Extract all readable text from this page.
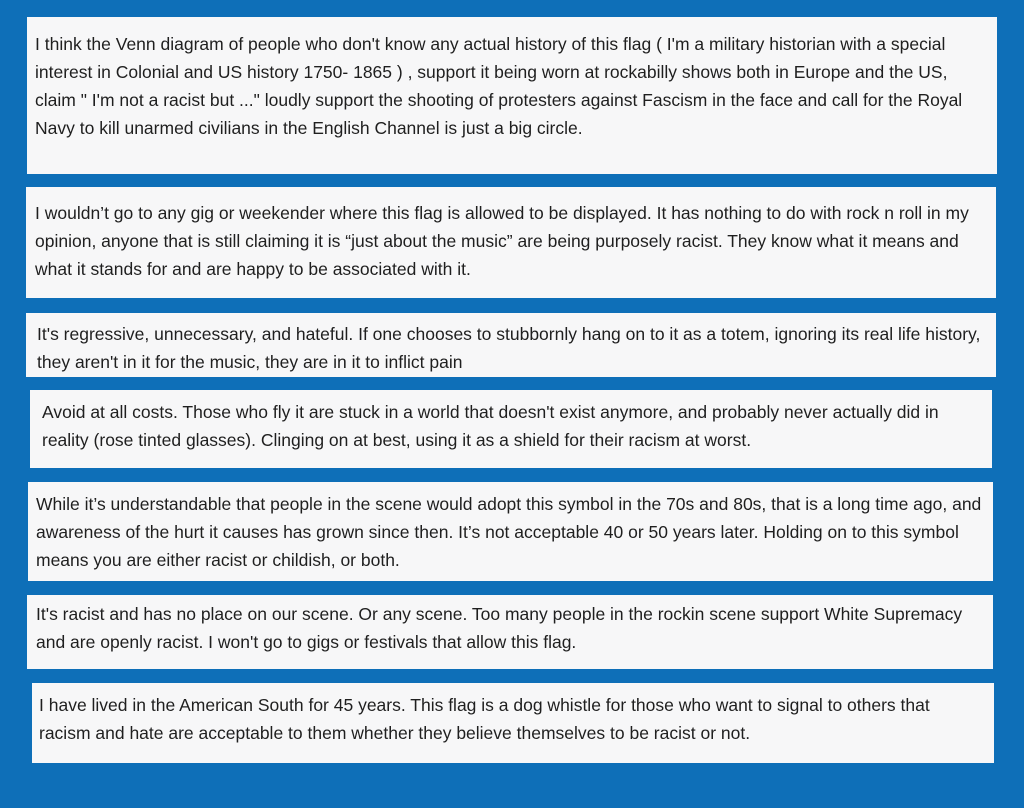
I think the Venn diagram of people who don't know any actual history of this flag ( I'm a military historian with a special interest in Colonial and US history 1750- 1865 ) , support it being worn at rockabilly shows both in Europe and the US, claim " I'm not a racist but ..." loudly support the shooting of protesters against Fascism in the face and call for the Royal Navy to kill unarmed civilians in the English Channel is just a big circle.

I wouldn’t go to any gig or weekender where this flag is allowed to be displayed. It has nothing to do with rock n roll in my opinion, anyone that is still claiming it is “just about the music” are being purposely racist. They know what it means and what it stands for and are happy to be associated with it.

It's regressive, unnecessary, and hateful. If one chooses to stubbornly hang on to it as a totem, ignoring its real life history, they aren't in it for the music, they are in it to inflict pain

Avoid at all costs. Those who fly it are stuck in a world that doesn't exist anymore, and probably never actually did in reality (rose tinted glasses). Clinging on at best, using it as a shield for their racism at worst.

While it’s understandable that people in the scene would adopt this symbol in the 70s and 80s, that is a long time ago, and awareness of the hurt it causes has grown since then. It’s not acceptable 40 or 50 years later. Holding on to this symbol means you are either racist or childish, or both.

It's racist and has no place on our scene. Or any scene. Too many people in the rockin scene support White Supremacy and are openly racist. I won't go to gigs or festivals that allow this flag.

I have lived in the American South for 45 years. This flag is a dog whistle for those who want to signal to others that racism and hate are acceptable to them whether they believe themselves to be racist or not.
